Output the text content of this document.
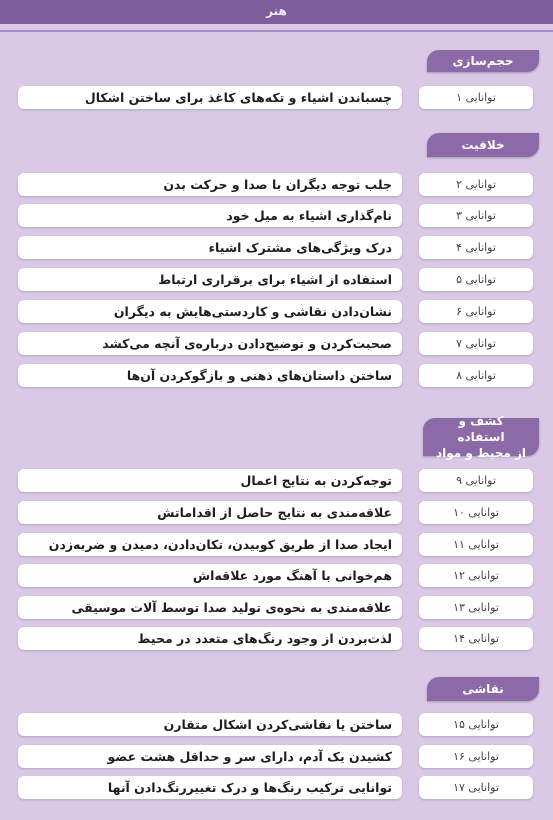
هنر
حجم‌سازی
چسباندن اشیاء و تکه‌های کاغذ برای ساختن اشکال	توانایی ۱
خلاقیت
جلب توجه دیگران با صدا و حرکت بدن	توانایی ۲
نام‌گذاری اشیاء به میل خود	توانایی ۳
درک ویژگی‌های مشترک اشیاء	توانایی ۴
استفاده از اشیاء برای برقراری ارتباط	توانایی ۵
نشان‌دادن نقاشی و کاردستی‌هایش به دیگران	توانایی ۶
صحبت‌کردن و توضیح‌دادن درباره‌ی آنچه می‌کشد	توانایی ۷
ساختن داستان‌های ذهنی و بازگوکردن آن‌ها	توانایی ۸
کشف و استفاده
از محیط و مواد
توجه‌کردن به نتایج اعمال	توانایی ۹
علاقه‌مندی به نتایج حاصل از اقداماتش	توانایی ۱۰
ایجاد صدا از طریق کوبیدن، تکان‌دادن، دمیدن و ضربه‌زدن	توانایی ۱۱
هم‌خوانی با آهنگ مورد علاقه‌اش	توانایی ۱۲
علاقه‌مندی به نحوه‌ی تولید صدا توسط آلات موسیقی	توانایی ۱۳
لذت‌بردن از وجود رنگ‌های متعدد در محیط	توانایی ۱۴
نقاشی
ساختن یا نقاشی‌کردن اشکال متقارن	توانایی ۱۵
کشیدن یک آدم، دارای سر و حداقل هشت عضو	توانایی ۱۶
توانایی ترکیب رنگ‌ها و درک تغییررنگ‌دادن آنها	توانایی ۱۷
